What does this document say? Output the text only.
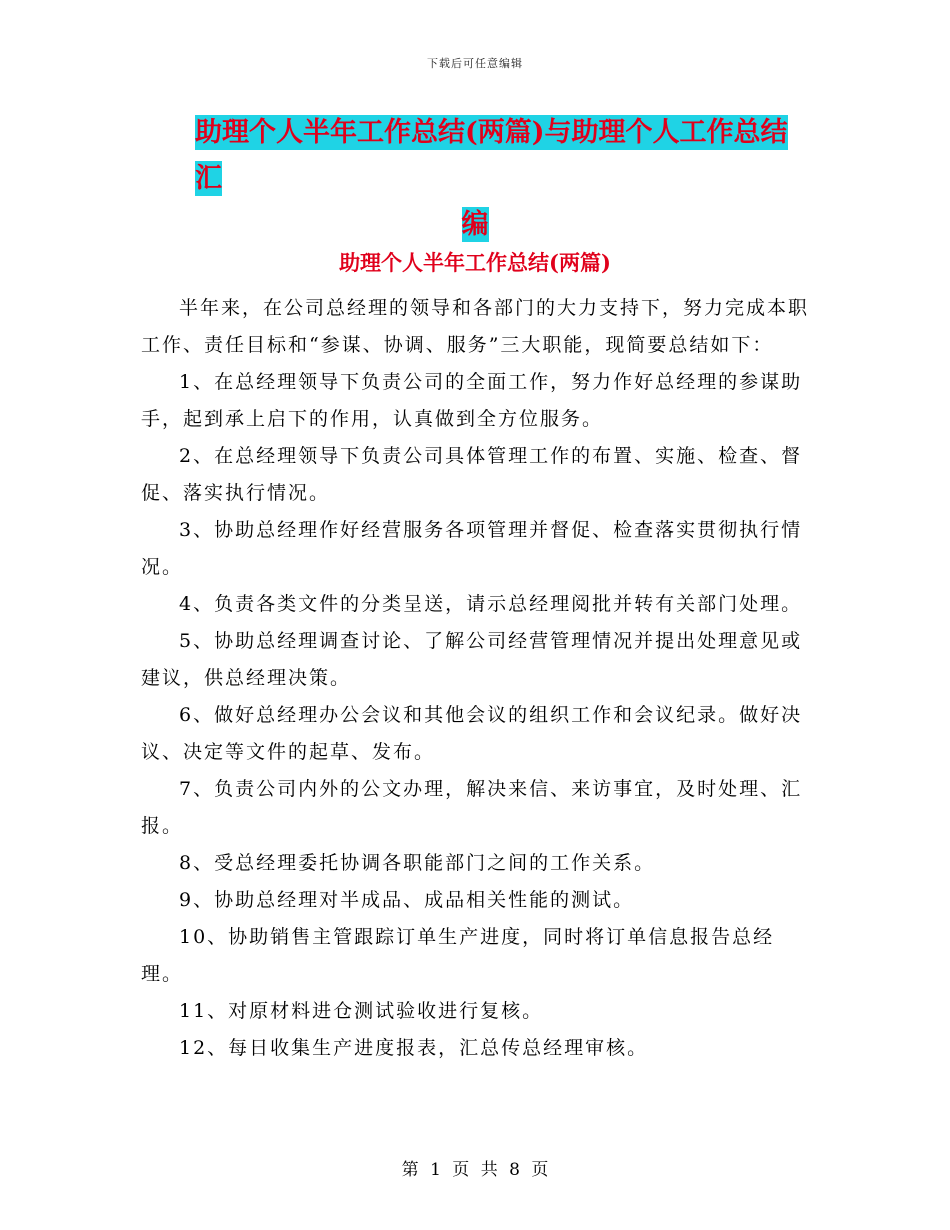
下载后可任意编辑
助理个人半年工作总结(两篇)与助理个人工作总结汇
编
助理个人半年工作总结(两篇)

半年来，在公司总经理的领导和各部门的大力支持下，努力完成本职工作、责任目标和“参谋、协调、服务”三大职能，现简要总结如下：

1、在总经理领导下负责公司的全面工作，努力作好总经理的参谋助手，起到承上启下的作用，认真做到全方位服务。

2、在总经理领导下负责公司具体管理工作的布置、实施、检查、督促、落实执行情况。

3、协助总经理作好经营服务各项管理并督促、检查落实贯彻执行情况。

4、负责各类文件的分类呈送，请示总经理阅批并转有关部门处理。

5、协助总经理调查讨论、了解公司经营管理情况并提出处理意见或建议，供总经理决策。

6、做好总经理办公会议和其他会议的组织工作和会议纪录。做好决议、决定等文件的起草、发布。

7、负责公司内外的公文办理，解决来信、来访事宜，及时处理、汇报。

8、受总经理委托协调各职能部门之间的工作关系。

9、协助总经理对半成品、成品相关性能的测试。

10、协助销售主管跟踪订单生产进度，同时将订单信息报告总经理。

11、对原材料进仓测试验收进行复核。

12、每日收集生产进度报表，汇总传总经理审核。

第 1 页 共 8 页
